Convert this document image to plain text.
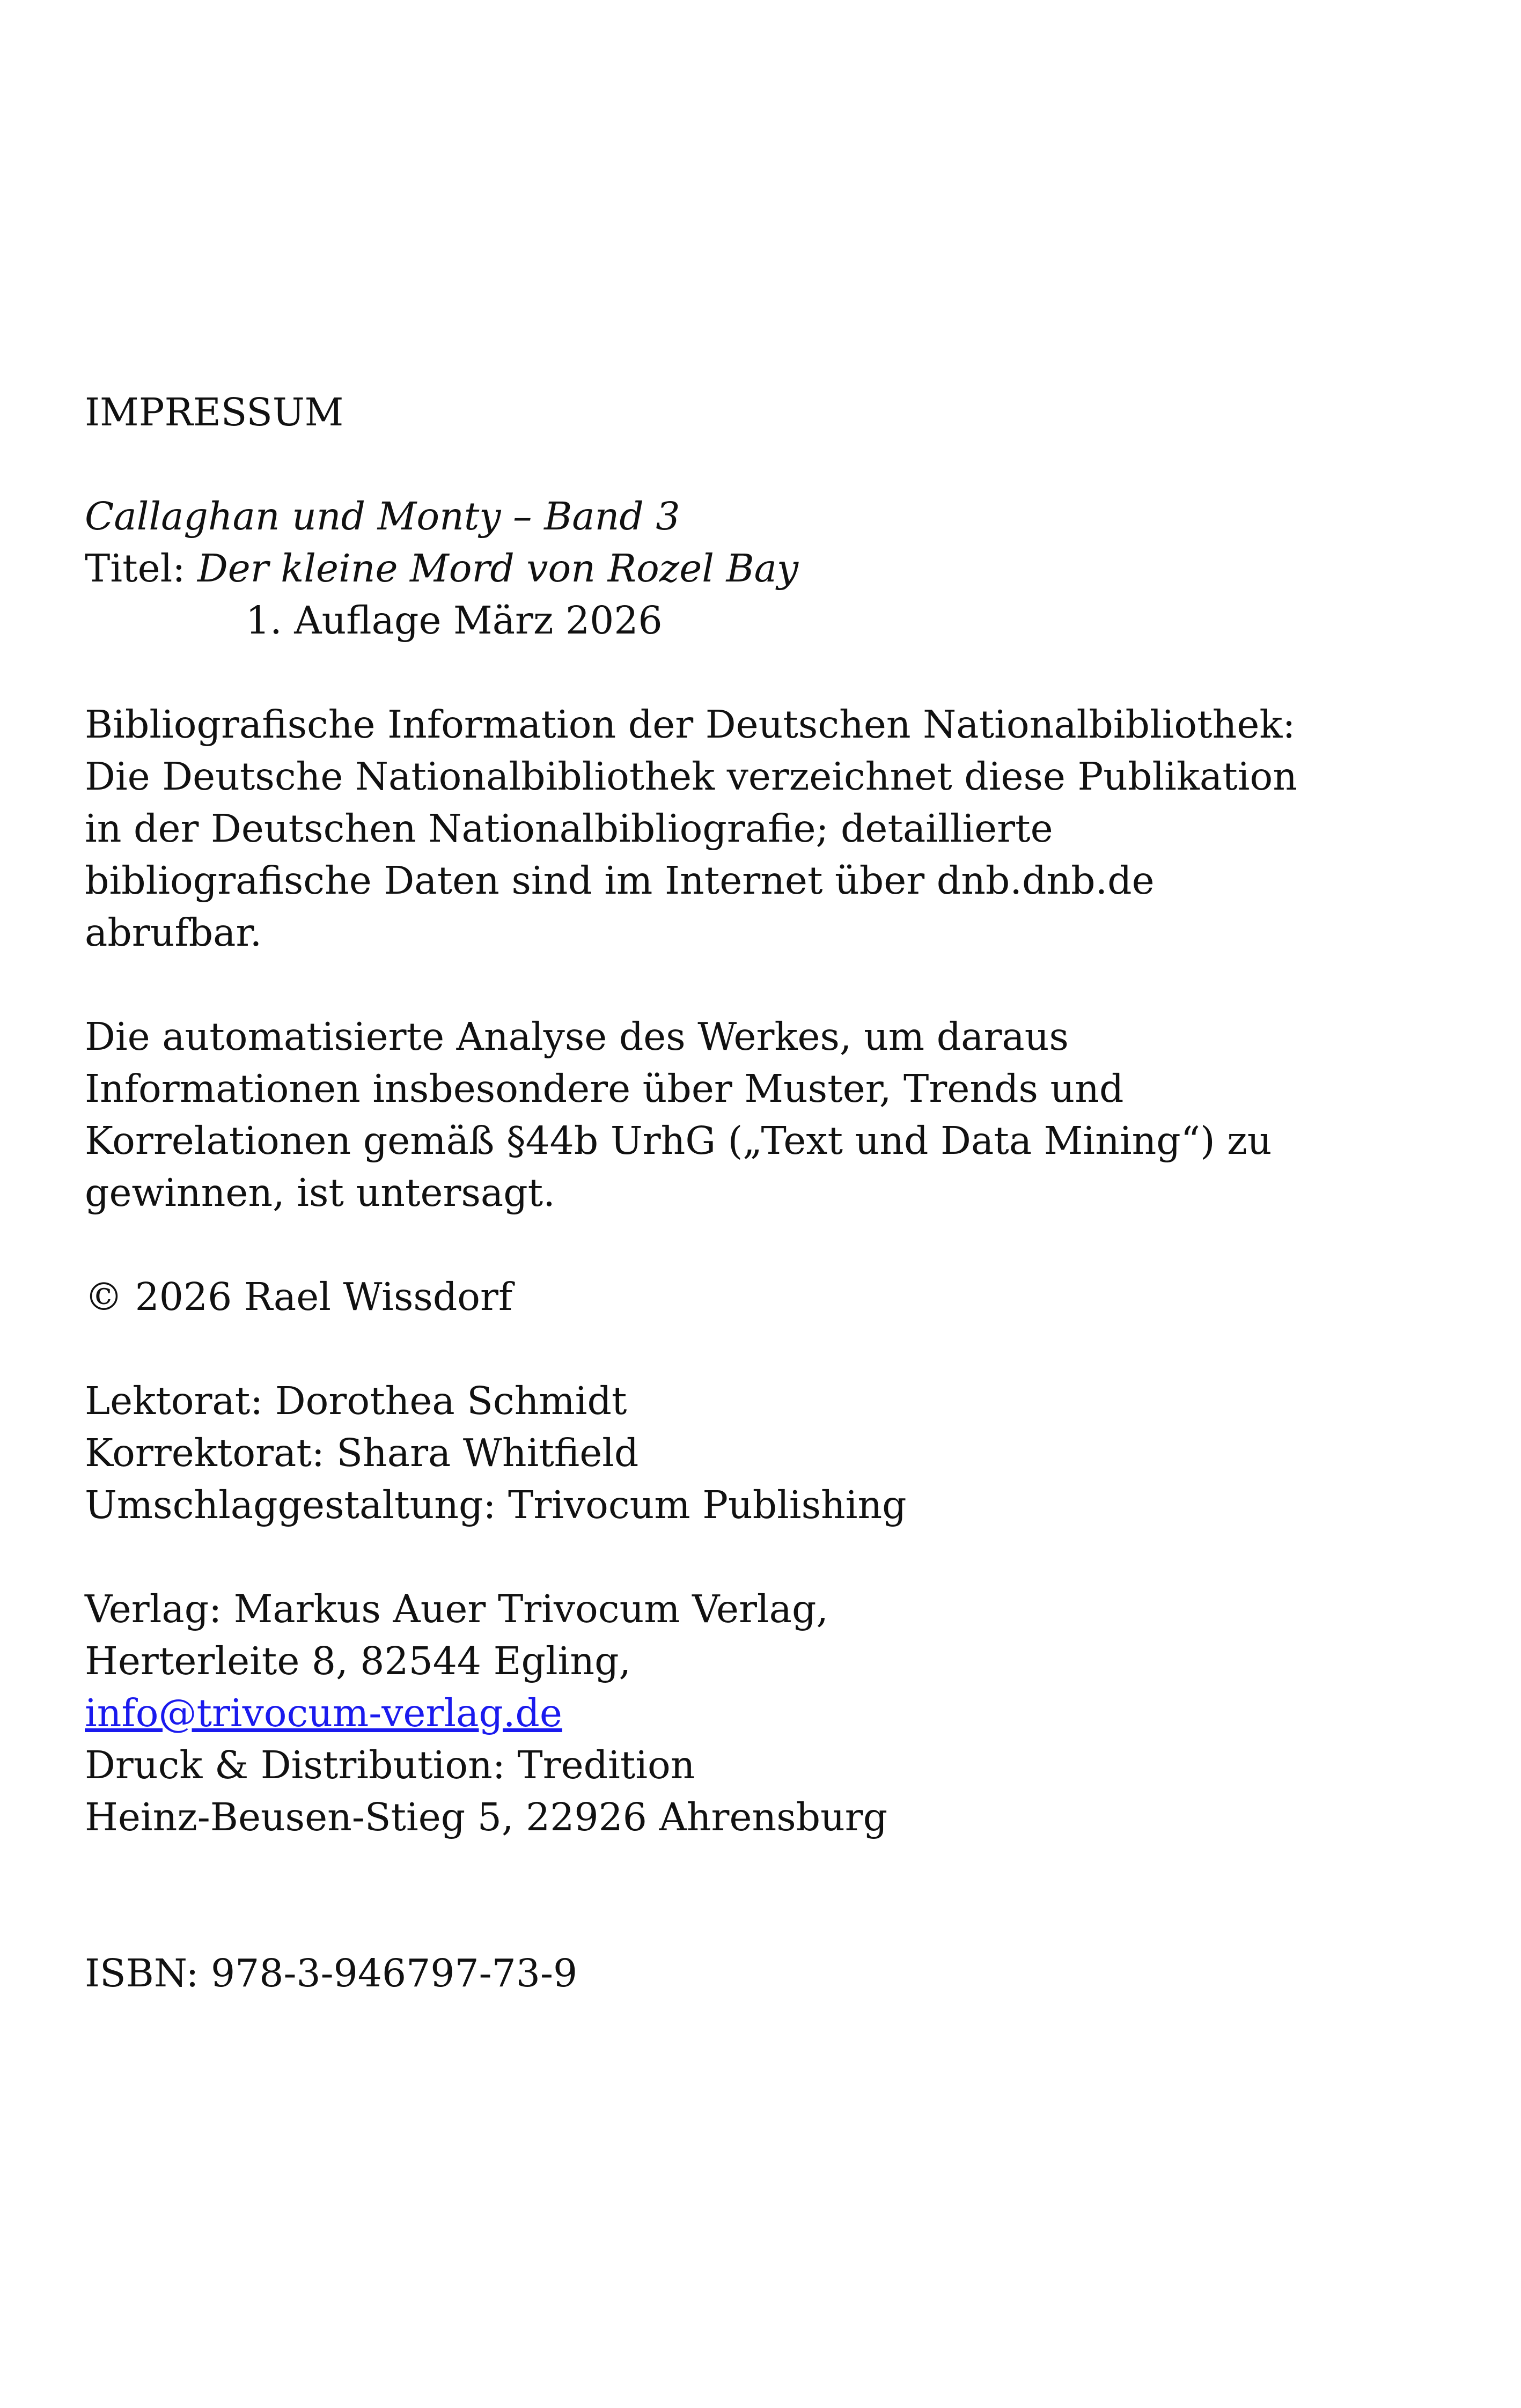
IMPRESSUM
Callaghan und Monty – Band 3
Titel: Der kleine Mord von Rozel Bay
1. Auflage März 2026
Bibliografische Information der Deutschen Nationalbibliothek:
Die Deutsche Nationalbibliothek verzeichnet diese Publikation
in der Deutschen Nationalbibliografie; detaillierte
bibliografische Daten sind im Internet über dnb.dnb.de
abrufbar.
Die automatisierte Analyse des Werkes, um daraus
Informationen insbesondere über Muster, Trends und
Korrelationen gemäß §44b UrhG („Text und Data Mining“) zu
gewinnen, ist untersagt.
© 2026 Rael Wissdorf
Lektorat: Dorothea Schmidt
Korrektorat: Shara Whitfield
Umschlaggestaltung: Trivocum Publishing
Verlag: Markus Auer Trivocum Verlag,
Herterleite 8, 82544 Egling,
info@trivocum-verlag.de
Druck & Distribution: Tredition
Heinz-Beusen-Stieg 5, 22926 Ahrensburg
ISBN: 978-3-946797-73-9
